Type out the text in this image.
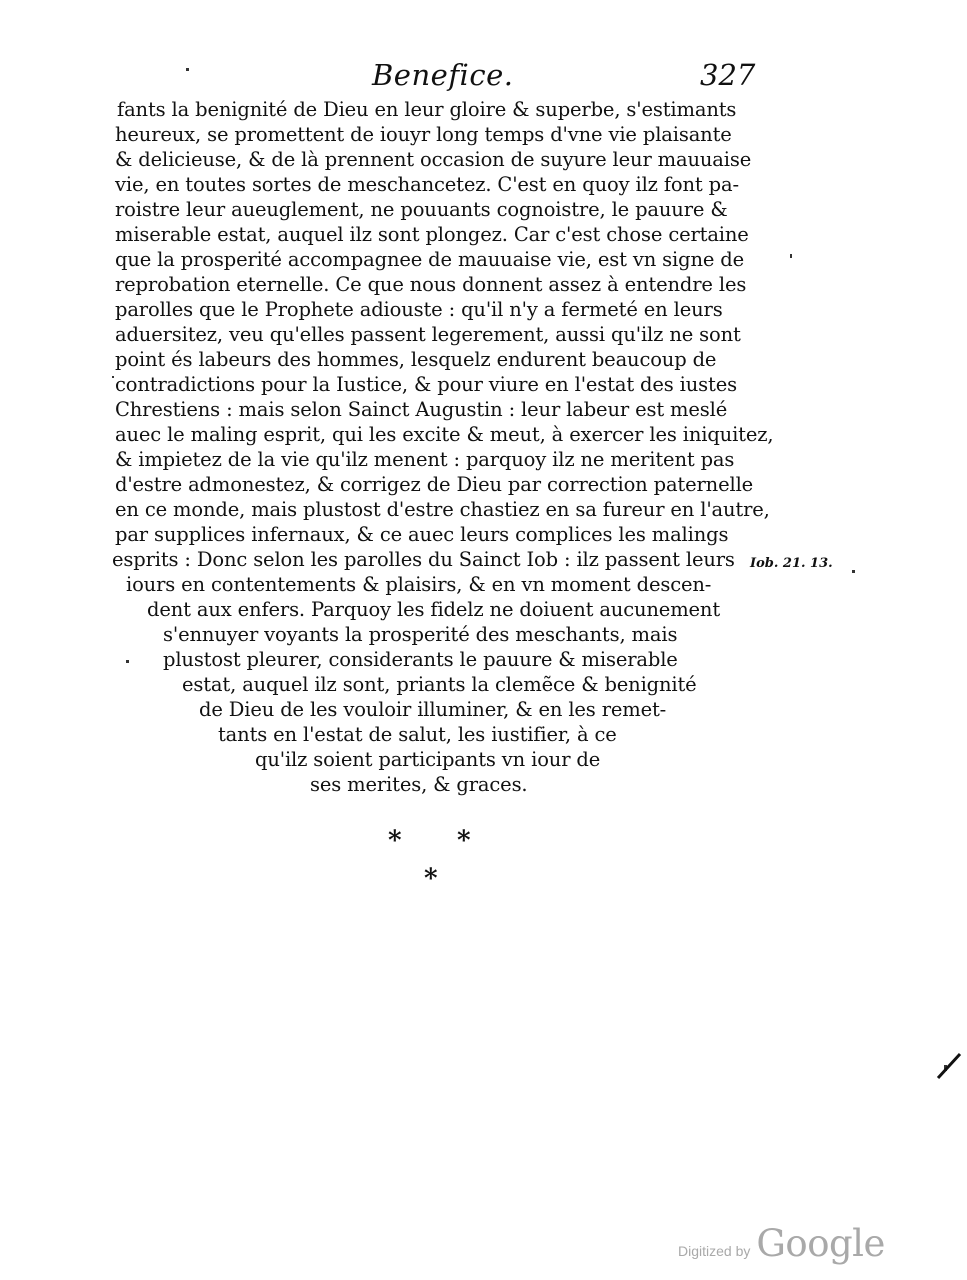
Benefice.	327
fants la benignité de Dieu en leur gloire & superbe, s'estimants
heureux, se promettent de iouyr long temps d'vne vie plaisante
& delicieuse, & de là prennent occasion de suyure leur mauuaise
vie, en toutes sortes de meschancetez. C'est en quoy ilz font pa-
roistre leur aueuglement, ne pouuants cognoistre, le pauure &
miserable estat, auquel ilz sont plongez. Car c'est chose certaine
que la prosperité accompagnee de mauuaise vie, est vn signe de
reprobation eternelle. Ce que nous donnent assez à entendre les
parolles que le Prophete adiouste : qu'il n'y a fermeté en leurs
aduersitez, veu qu'elles passent legerement, aussi qu'ilz ne sont
point és labeurs des hommes, lesquelz endurent beaucoup de
contradictions pour la Iustice, & pour viure en l'estat des iustes
Chrestiens : mais selon Sainct Augustin : leur labeur est meslé
auec le maling esprit, qui les excite & meut, à exercer les iniquitez,
& impietez de la vie qu'ilz menent : parquoy ilz ne meritent pas
d'estre admonestez, & corrigez de Dieu par correction paternelle
en ce monde, mais plustost d'estre chastiez en sa fureur en l'autre,
par supplices infernaux, & ce auec leurs complices les malings
esprits : Donc selon les parolles du Sainct Iob : ilz passent leurs
iours en contentements & plaisirs, & en vn moment descen-
dent aux enfers. Parquoy les fidelz ne doiuent aucunement
s'ennuyer voyants la prosperité des meschants, mais
plustost pleurer, considerants le pauure & miserable
estat, auquel ilz sont, priants la clemẽce & benignité
de Dieu de les vouloir illuminer, & en les remet-
tants en l'estat de salut, les iustifier, à ce
qu'ilz soient participants vn iour de
ses merites, & graces.
Iob. 21. 13.
* *
*
Digitized by Google
